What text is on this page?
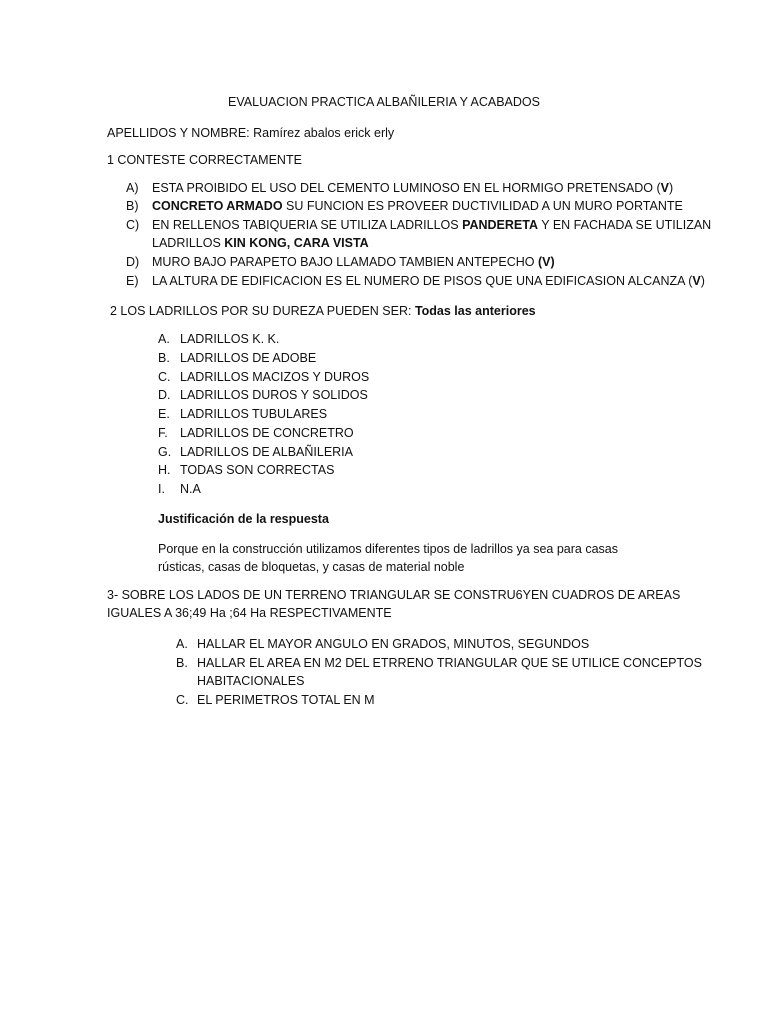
EVALUACION PRACTICA ALBAÑILERIA Y ACABADOS
APELLIDOS Y NOMBRE: Ramírez abalos erick erly
1 CONTESTE CORRECTAMENTE
A) ESTA PROIBIDO EL USO DEL CEMENTO LUMINOSO EN EL HORMIGO PRETENSADO (V)
B) CONCRETO ARMADO SU FUNCION ES PROVEER DUCTIVILIDAD A UN MURO PORTANTE
C) EN RELLENOS TABIQUERIA SE UTILIZA LADRILLOS PANDERETA Y EN FACHADA SE UTILIZAN
LADRILLOS KIN KONG, CARA VISTA
D) MURO BAJO PARAPETO BAJO LLAMADO TAMBIEN ANTEPECHO (V)
E) LA ALTURA DE EDIFICACION ES EL NUMERO DE PISOS QUE UNA EDIFICASION ALCANZA (V)
2 LOS LADRILLOS POR SU DUREZA PUEDEN SER: Todas las anteriores
A. LADRILLOS K. K.
B. LADRILLOS DE ADOBE
C. LADRILLOS MACIZOS Y DUROS
D. LADRILLOS DUROS Y SOLIDOS
E. LADRILLOS TUBULARES
F. LADRILLOS DE CONCRETRO
G. LADRILLOS DE ALBAÑILERIA
H. TODAS SON CORRECTAS
I. N.A
Justificación de la respuesta
Porque en la construcción utilizamos diferentes tipos de ladrillos ya sea para casas
rústicas, casas de bloquetas, y casas de material noble
3- SOBRE LOS LADOS DE UN TERRENO TRIANGULAR SE CONSTRU6YEN CUADROS DE AREAS
IGUALES A 36;49 Ha ;64 Ha RESPECTIVAMENTE
A. HALLAR EL MAYOR ANGULO EN GRADOS, MINUTOS, SEGUNDOS
B. HALLAR EL AREA EN M2 DEL ETRRENO TRIANGULAR QUE SE UTILICE CONCEPTOS
HABITACIONALES
C. EL PERIMETROS TOTAL EN M
